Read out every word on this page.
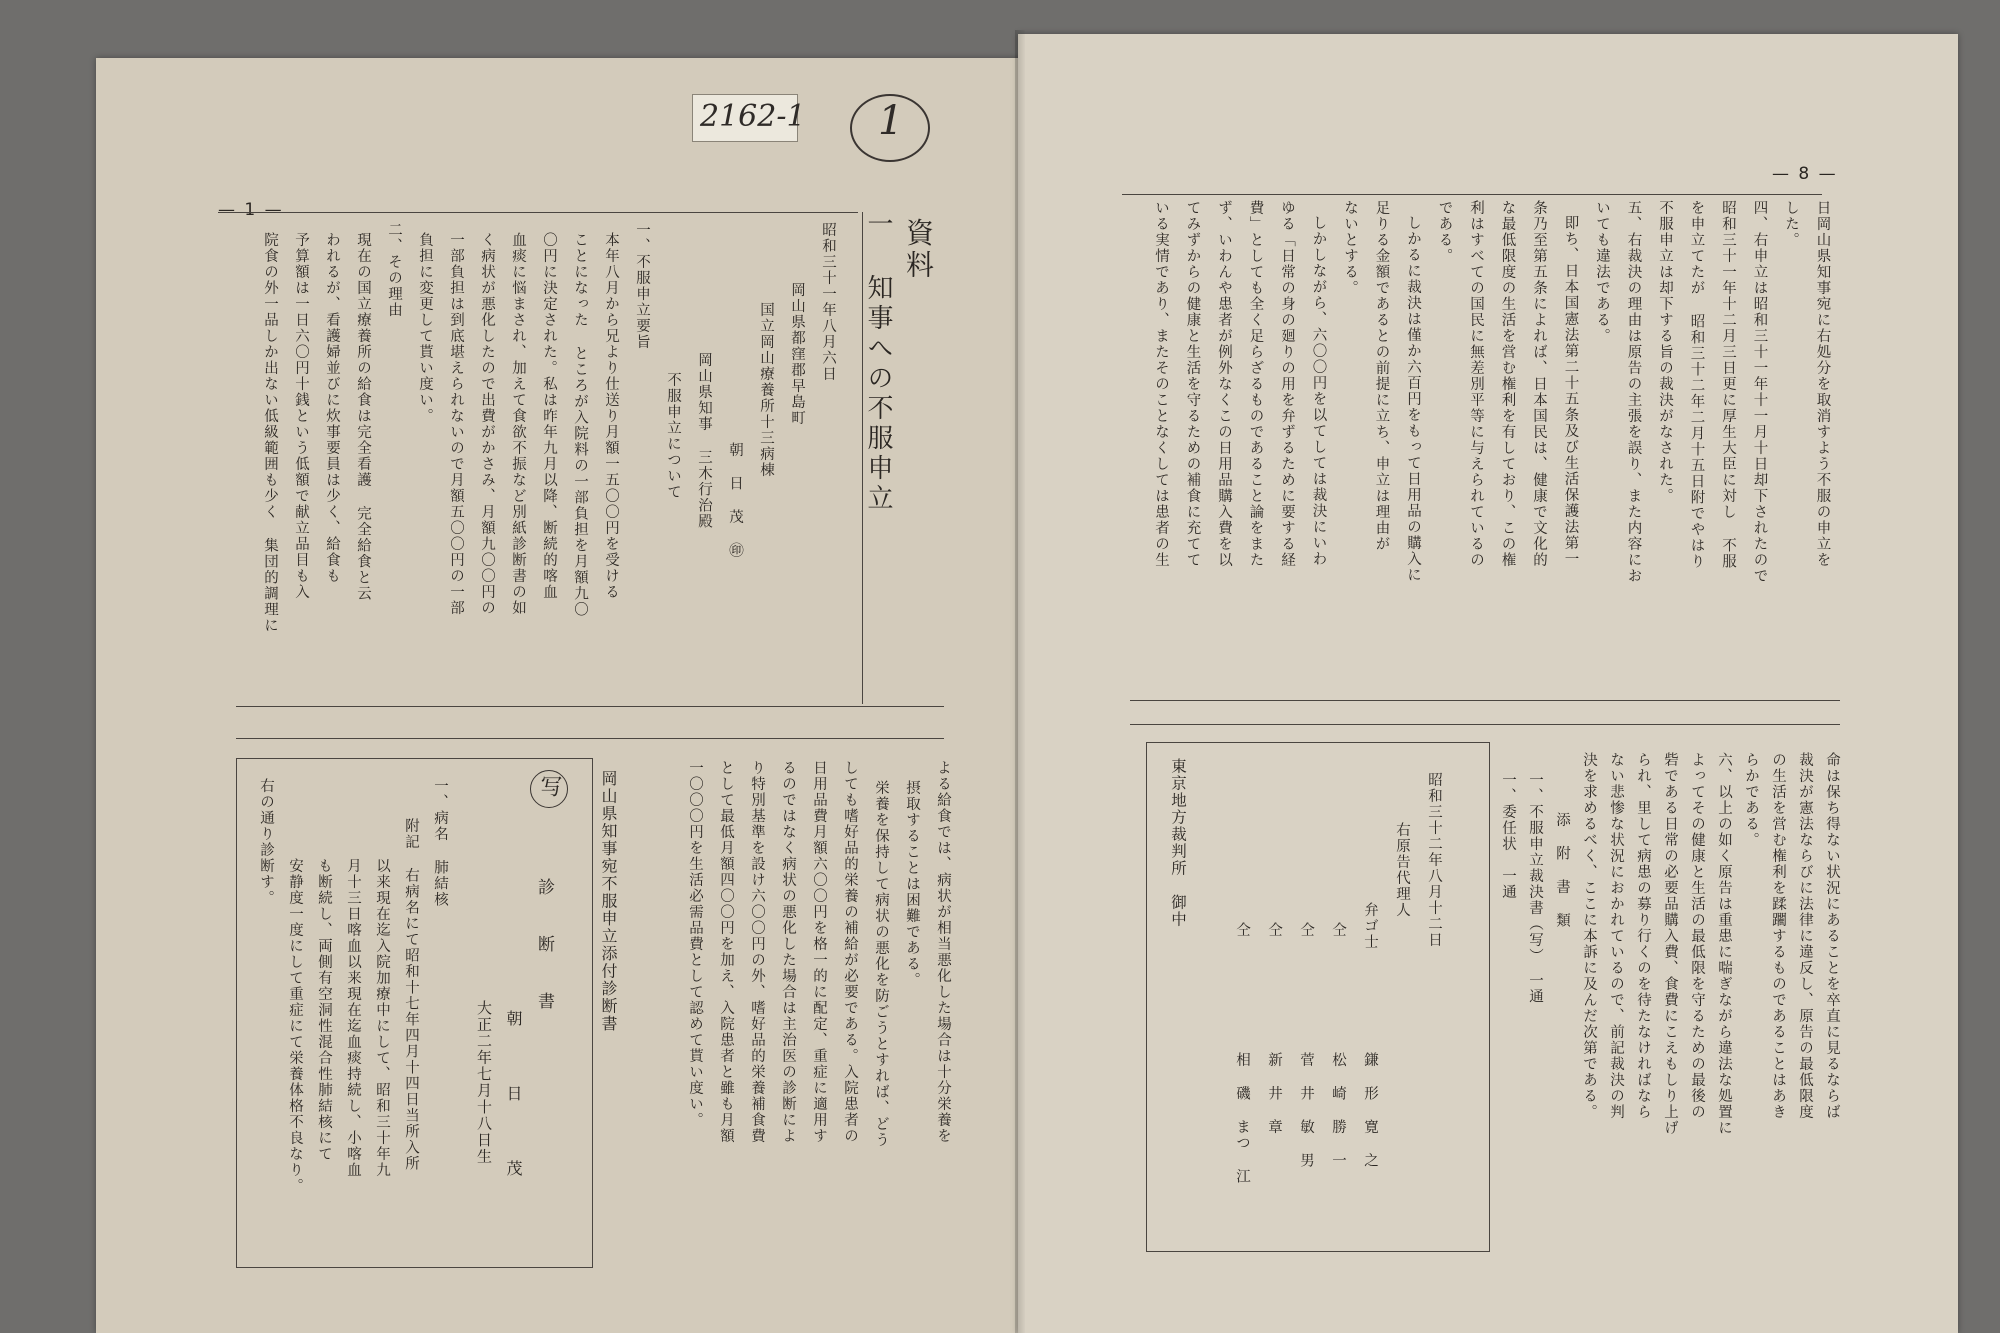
2162-1 1
— 1 —
資料
一 知事への不服申立
昭和三十一年八月六日
岡山県都窪郡早島町
国立岡山療養所十三病棟
朝 日 茂 ㊞
岡山県知事 三木行治殿
不服申立について
一、不服申立要旨
本年八月から兄より仕送り月額一五〇〇円を受ける
ことになった ところが入院料の一部負担を月額九〇
〇円に決定された。私は昨年九月以降、断続的喀血
血痰に悩まされ、加えて食欲不振など別紙診断書の如
く病状が悪化したので出費がかさみ、月額九〇〇円の
一部負担は到底堪えられないので月額五〇〇円の一部
負担に変更して貰い度い。
二、その理由
現在の国立療養所の給食は完全看護 完全給食と云
われるが、看護婦並びに炊事要員は少く、給食も
予算額は一日六〇円十銭という低額で献立品目も入
院食の外一品しか出ない低級範囲も少く 集団的調理に
よる給食では、病状が相当悪化した場合は十分栄養を
摂取することは困難である。
栄養を保持して病状の悪化を防ごうとすれば、どう
しても嗜好品的栄養の補給が必要である。入院患者の
日用品費月額六〇〇円を格一的に配定、重症に適用す
るのではなく病状の悪化した場合は主治医の診断によ
り特別基準を設け六〇〇円の外、嗜好品的栄養補食費
として最低月額四〇〇円を加え、入院患者と雖も月額
一〇〇〇円を生活必需品費として認めて貰い度い。
岡山県知事宛不服申立添付診断書
写
診 断 書
朝 日 茂
大正二年七月十八日生
一、病名 肺結核
附記 右病名にて昭和十七年四月十四日当所入所
以来現在迄入院加療中にして、昭和三十年九
月十三日喀血以来現在迄血痰持続し、小喀血
も断続し、両側有空洞性混合性肺結核にて
安静度一度にして重症にて栄養体格不良なり。
右の通り診断す。
— 8 —
日岡山県知事宛に右処分を取消すよう不服の申立を
した。
四、右申立は昭和三十一年十一月十日却下されたので
昭和三十一年十二月三日更に厚生大臣に対し 不服
を申立てたが 昭和三十二年二月十五日附でやはり
不服申立は却下する旨の裁決がなされた。
五、右裁決の理由は原告の主張を誤り、また内容にお
いても違法である。
即ち、日本国憲法第二十五条及び生活保護法第一
条乃至第五条によれば、日本国民は、健康で文化的
な最低限度の生活を営む権利を有しており、この権
利はすべての国民に無差別平等に与えられているの
である。
しかるに裁決は僅か六百円をもって日用品の購入に
足りる金額であるとの前提に立ち、申立は理由が
ないとする。
しかしながら、六〇〇円を以てしては裁決にいわ
ゆる「日常の身の廻りの用を弁ずるために要する経
費」としても全く足らざるものであること論をまた
ず、いわんや患者が例外なくこの日用品購入費を以
てみずからの健康と生活を守るための補食に充てて
いる実情であり、またそのことなくしては患者の生
命は保ち得ない状況にあることを卒直に見るならば
裁決が憲法ならびに法律に違反し、原告の最低限度
の生活を営む権利を蹂躙するものであることはあき
らかである。
六、以上の如く原告は重患に喘ぎながら違法な処置に
よってその健康と生活の最低限を守るための最後の
砦である日常の必要品購入費、食費にこえもしり上げ
られ、里して病患の募り行くのを待たなければなら
ない悲惨な状況におかれているので、前記裁決の判
決を求めるべく、ここに本訴に及んだ次第である。
添 附 書 類
一、不服申立裁決書（写）　一通
一、委任状　一通
昭和三十二年八月十二日
右原告代理人
弁ゴ士
仝
仝
仝
仝
鎌 形 寛 之
松 崎 勝 一
菅 井 敏 男
新 井 章
相 磯 まつ 江
東京地方裁判所　御中
